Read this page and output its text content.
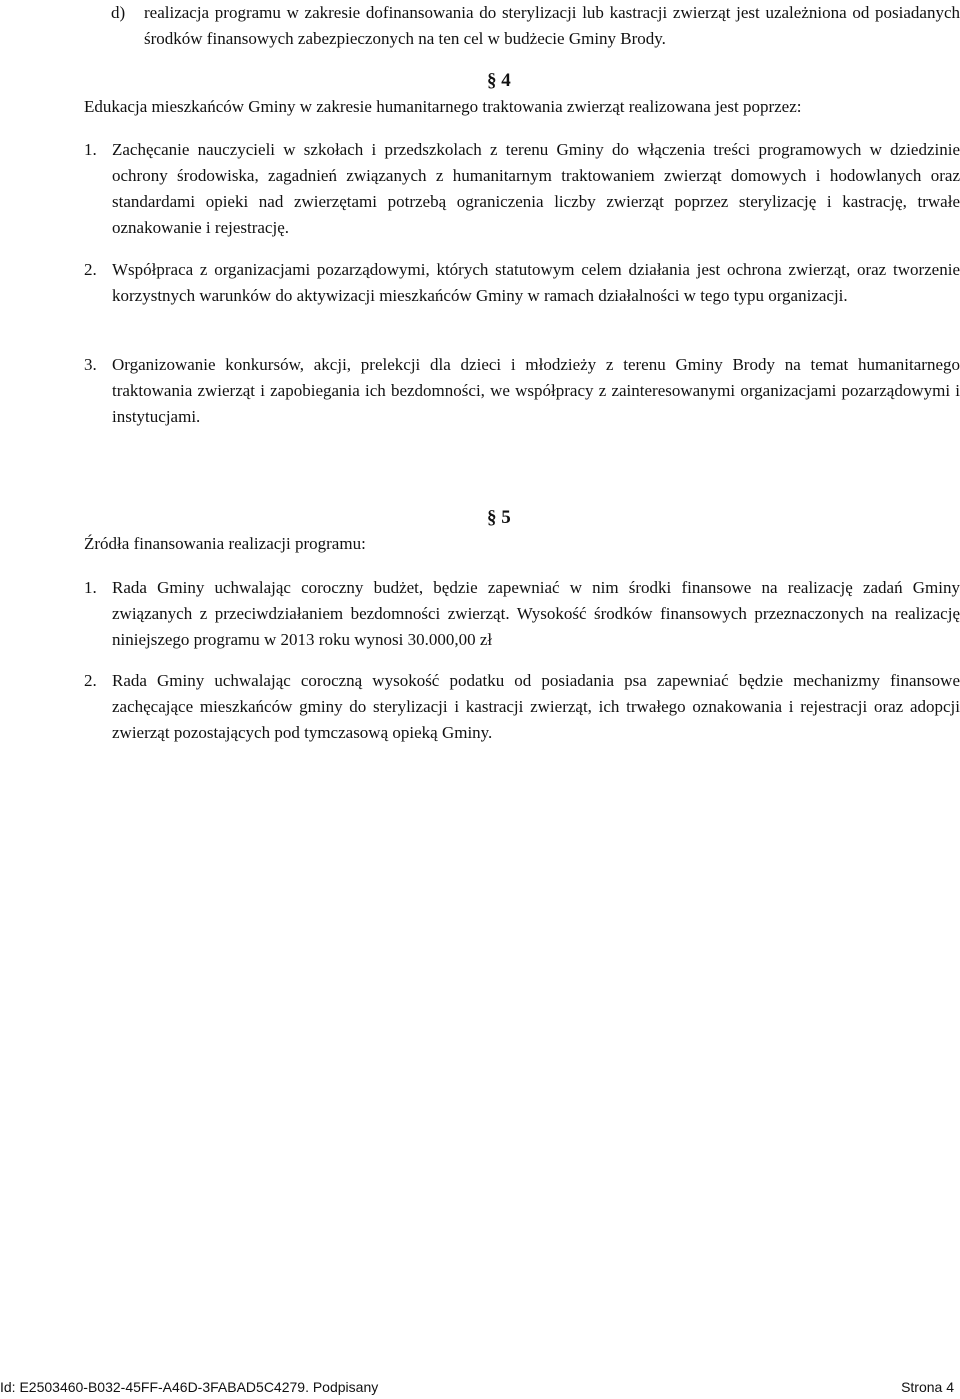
d)	realizacja programu w zakresie dofinansowania do sterylizacji lub kastracji zwierząt jest uzależniona od posiadanych środków finansowych zabezpieczonych na ten cel w budżecie Gminy Brody.
§ 4
Edukacja mieszkańców Gminy w zakresie humanitarnego traktowania zwierząt realizowana jest poprzez:
1. Zachęcanie nauczycieli w szkołach i przedszkolach z terenu Gminy do włączenia treści programowych w dziedzinie ochrony środowiska, zagadnień związanych z humanitarnym traktowaniem zwierząt domowych i hodowlanych oraz standardami opieki nad zwierzętami potrzebą ograniczenia liczby zwierząt poprzez sterylizację i kastrację, trwałe oznakowanie i rejestrację.
2. Współpraca z organizacjami pozarządowymi, których statutowym celem działania jest ochrona zwierząt, oraz tworzenie korzystnych warunków do aktywizacji mieszkańców Gminy w ramach działalności w tego typu organizacji.
3. Organizowanie konkursów, akcji, prelekcji dla dzieci i młodzieży z terenu Gminy Brody na temat humanitarnego traktowania zwierząt i zapobiegania ich bezdomności, we współpracy z zainteresowanymi organizacjami pozarządowymi i instytucjami.
§ 5
Źródła finansowania realizacji programu:
1. Rada Gminy uchwalając coroczny budżet, będzie zapewniać w nim środki finansowe na realizację zadań Gminy związanych z przeciwdziałaniem bezdomności zwierząt. Wysokość środków finansowych przeznaczonych na realizację niniejszego programu w 2013 roku wynosi 30.000,00 zł
2. Rada Gminy uchwalając coroczną wysokość podatku od posiadania psa zapewniać będzie mechanizmy finansowe zachęcające mieszkańców gminy do sterylizacji i kastracji zwierząt, ich trwałego oznakowania i rejestracji oraz adopcji zwierząt pozostających pod tymczasową opieką Gminy.
Id: E2503460-B032-45FF-A46D-3FABAD5C4279. Podpisany	Strona 4
